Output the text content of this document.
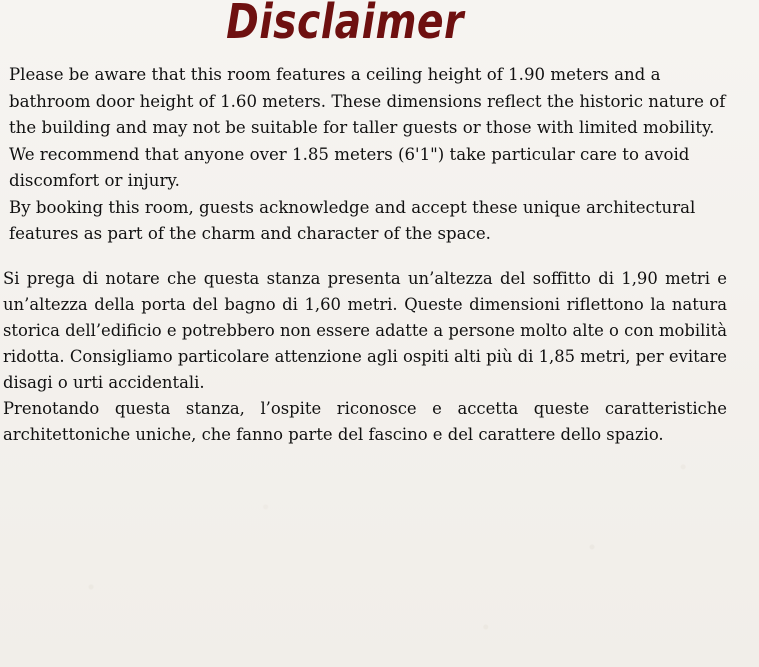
Disclaimer

Please be aware that this room features a ceiling height of 1.90 meters and a bathroom door height of 1.60 meters. These dimensions reflect the historic nature of the building and may not be suitable for taller guests or those with limited mobility. We recommend that anyone over 1.85 meters (6'1") take particular care to avoid discomfort or injury.

By booking this room, guests acknowledge and accept these unique architectural features as part of the charm and character of the space.

Si prega di notare che questa stanza presenta un’altezza del soffitto di 1,90 metri e un’altezza della porta del bagno di 1,60 metri. Queste dimensioni riflettono la natura storica dell’edificio e potrebbero non essere adatte a persone molto alte o con mobilità ridotta. Consigliamo particolare attenzione agli ospiti alti più di 1,85 metri, per evitare disagi o urti accidentali.

Prenotando questa stanza, l’ospite riconosce e accetta queste caratteristiche architettoniche uniche, che fanno parte del fascino e del carattere dello spazio.
